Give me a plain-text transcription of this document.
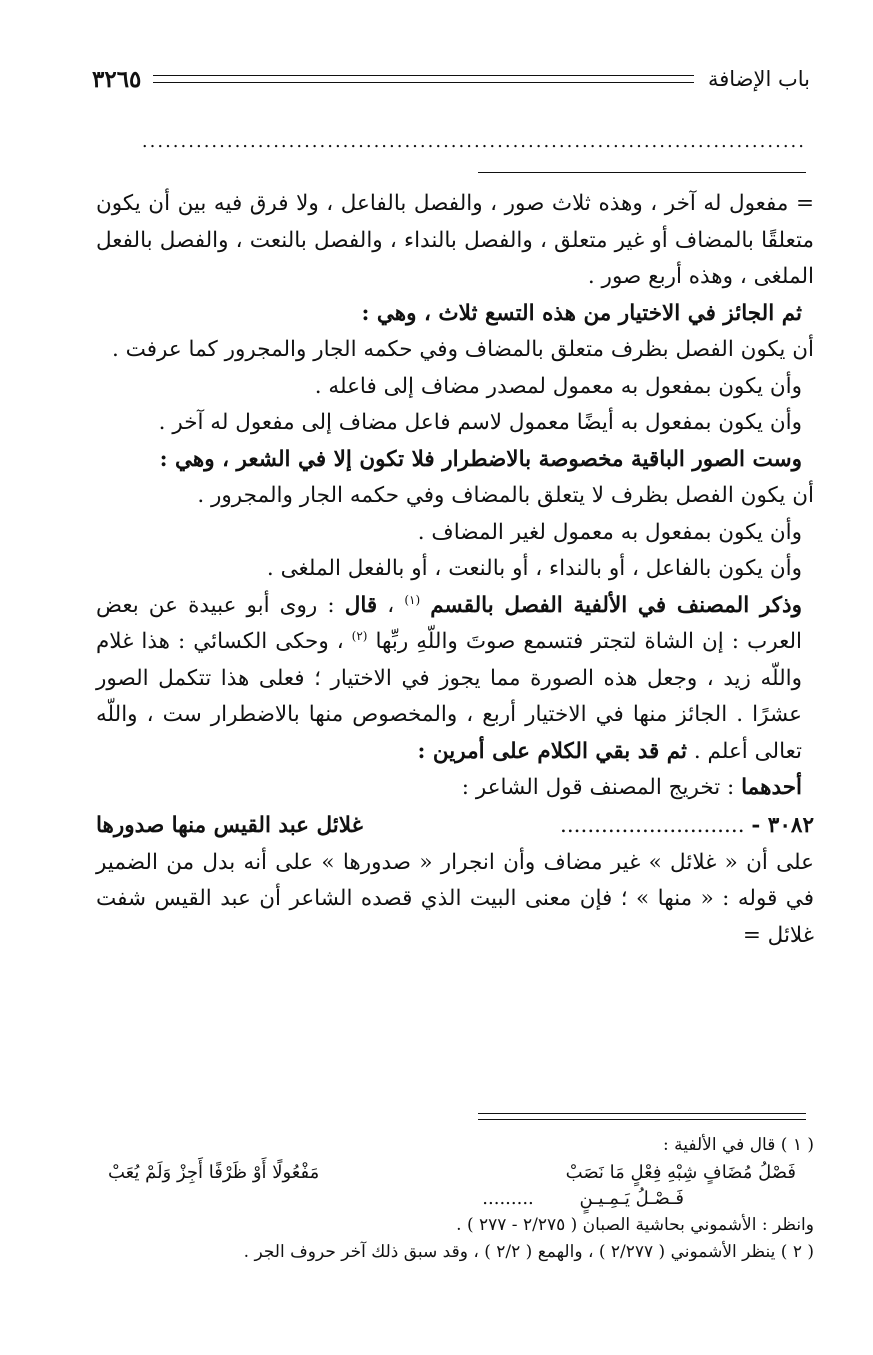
باب الإضافة
٣٢٦٥
......................................................................................

= مفعول له آخر ، وهذه ثلاث صور ، والفصل بالفاعل ، ولا فرق فيه بين أن يكون متعلقًا بالمضاف أو غير متعلق ، والفصل بالنداء ، والفصل بالنعت ، والفصل بالفعل الملغى ، وهذه أربع صور .

ثم الجائز في الاختيار من هذه التسع ثلاث ، وهي :

أن يكون الفصل بظرف متعلق بالمضاف وفي حكمه الجار والمجرور كما عرفت .

وأن يكون بمفعول به معمول لمصدر مضاف إلى فاعله .

وأن يكون بمفعول به أيضًا معمول لاسم فاعل مضاف إلى مفعول له آخر .

وست الصور الباقية مخصوصة بالاضطرار فلا تكون إلا في الشعر ، وهي :

أن يكون الفصل بظرف لا يتعلق بالمضاف وفي حكمه الجار والمجرور .

وأن يكون بمفعول به معمول لغير المضاف .

وأن يكون بالفاعل ، أو بالنداء ، أو بالنعت ، أو بالفعل الملغى .

وذكر المصنف في الألفية الفصل بالقسم $^{(١)}$ ، قال : روى أبو عبيدة عن بعض العرب : إن الشاة لتجتر فتسمع صوتَ واللّهِ ربِّها $^{(٢)}$ ، وحكى الكسائي : هذا غلام واللّه زيد ، وجعل هذه الصورة مما يجوز في الاختيار ؛ فعلى هذا تتكمل الصور عشرًا . الجائز منها في الاختيار أربع ، والمخصوص منها بالاضطرار ست ، واللّه تعالى أعلم . ثم قد بقي الكلام على أمرين :

أحدهما : تخريج المصنف قول الشاعر :

٣٠٨٢ - ...........................
غلائل عبد القيس منها صدورها

على أن « غلائل » غير مضاف وأن انجرار « صدورها » على أنه بدل من الضمير في قوله : « منها » ؛ فإن معنى البيت الذي قصده الشاعر أن عبد القيس شفت غلائل =

( ١ ) قال في الألفية :

فَصْلُ مُضَافٍ شِبْهِ فِعْلٍ مَا نَصَبْ
مَفْعُولًا أَوْ ظَرْفًا أَجِزْ وَلَمْ يُعَبْ
فَـصْـلُ يَـمِـيـنٍ .........

وانظر : الأشموني بحاشية الصبان ( ٢/٢٧٥ - ٢٧٧ ) .

( ٢ ) ينظر الأشموني ( ٢/٢٧٧ ) ، والهمع ( ٢/٢ ) ، وقد سبق ذلك آخر حروف الجر .
